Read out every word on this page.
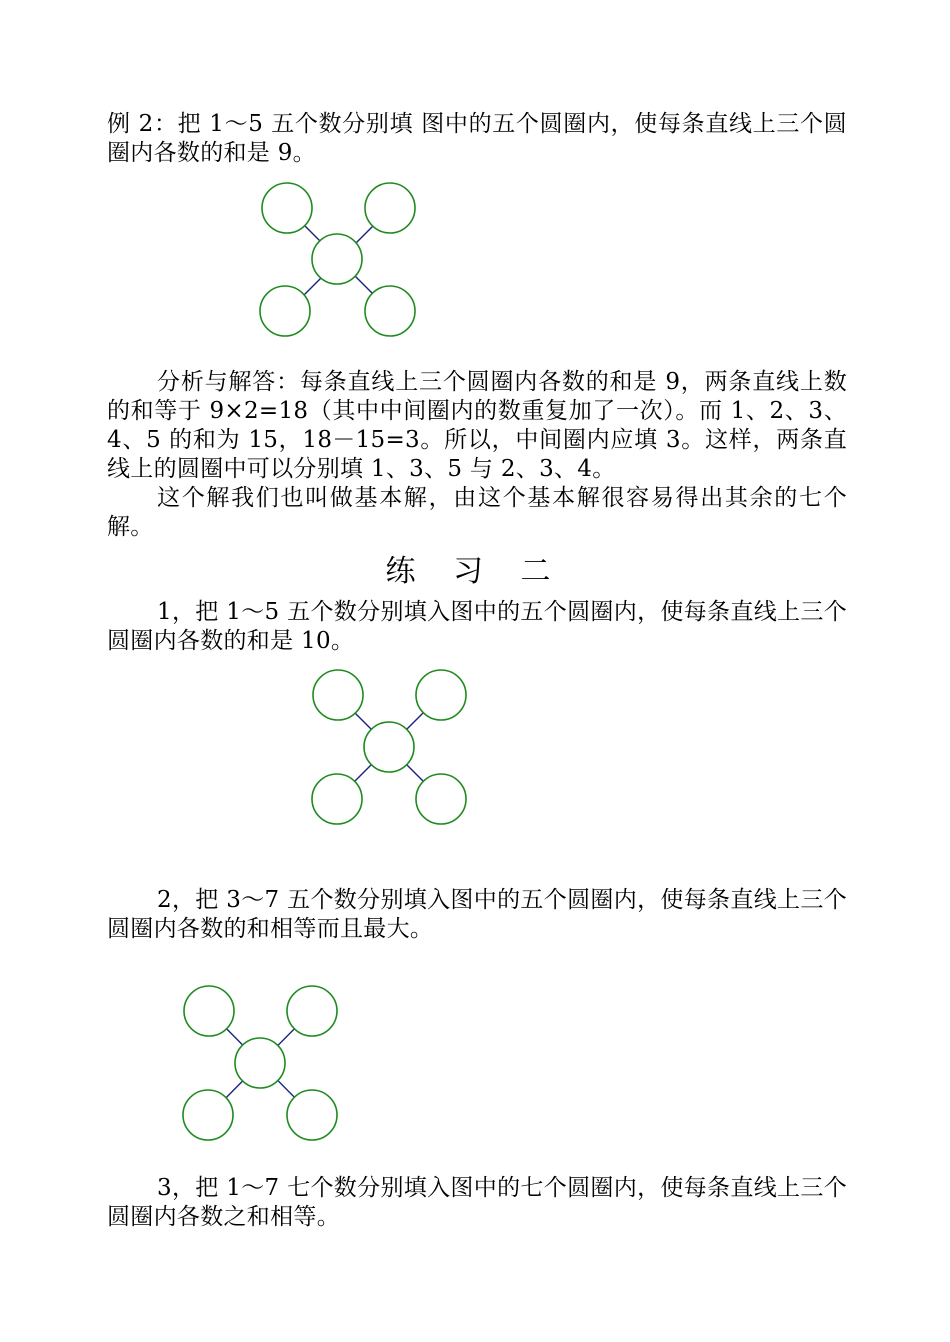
例 2：把 1～5 五个数分别填 图中的五个圆圈内，使每条直线上三个圆圈内各数的和是 9。
分析与解答：每条直线上三个圆圈内各数的和是 9，两条直线上数的和等于 9×2=18（其中中间圈内的数重复加了一次）。而 1、2、3、4、5 的和为 15，18－15=3。所以，中间圈内应填 3。这样，两条直线上的圆圈中可以分别填 1、3、5 与 2、3、4。
这个解我们也叫做基本解，由这个基本解很容易得出其余的七个解。
练 习 二
1，把 1～5 五个数分别填入图中的五个圆圈内，使每条直线上三个圆圈内各数的和是 10。
2，把 3～7 五个数分别填入图中的五个圆圈内，使每条直线上三个圆圈内各数的和相等而且最大。
3，把 1～7 七个数分别填入图中的七个圆圈内，使每条直线上三个圆圈内各数之和相等。
